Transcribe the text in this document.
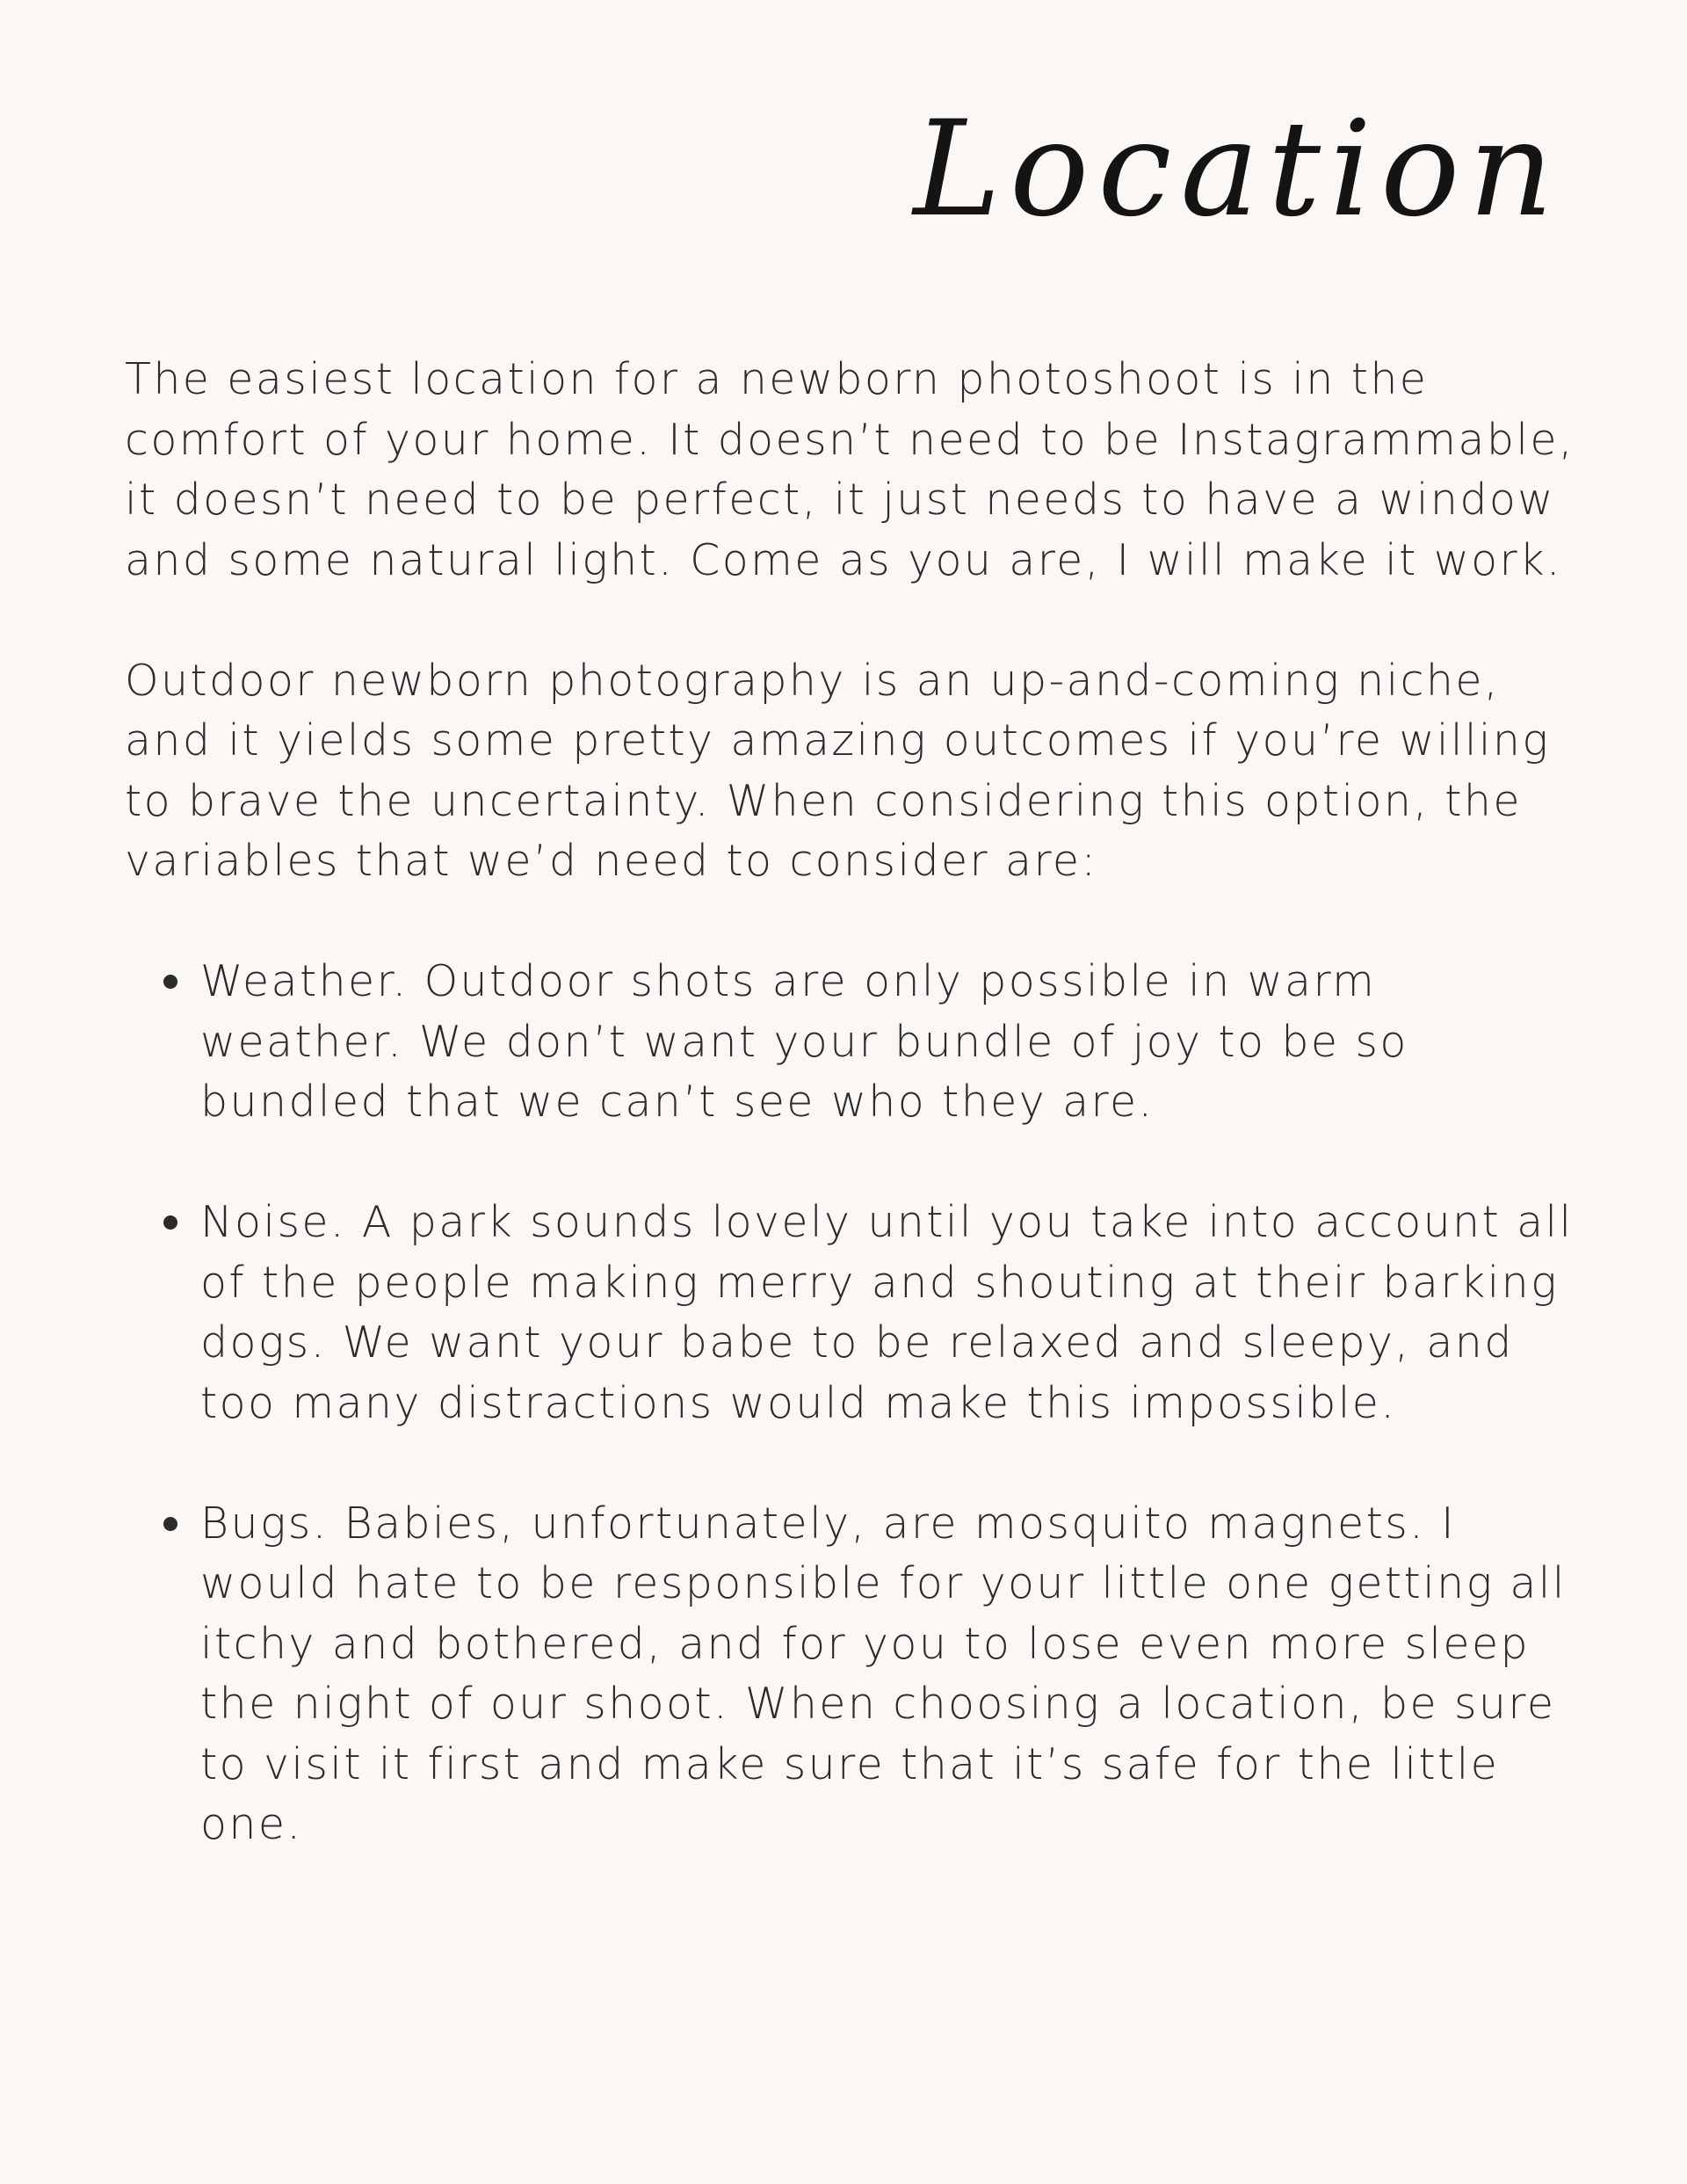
Location

The easiest location for a newborn photoshoot is in the comfort of your home. It doesn’t need to be Instagrammable, it doesn’t need to be perfect, it just needs to have a window and some natural light. Come as you are, I will make it work.

Outdoor newborn photography is an up-and-coming niche, and it yields some pretty amazing outcomes if you’re willing to brave the uncertainty. When considering this option, the variables that we’d need to consider are:

Weather. Outdoor shots are only possible in warm weather. We don’t want your bundle of joy to be so bundled that we can’t see who they are.
Noise. A park sounds lovely until you take into account all of the people making merry and shouting at their barking dogs. We want your babe to be relaxed and sleepy, and too many distractions would make this impossible.
Bugs. Babies, unfortunately, are mosquito magnets. I would hate to be responsible for your little one getting all itchy and bothered, and for you to lose even more sleep the night of our shoot. When choosing a location, be sure to visit it first and make sure that it’s safe for the little one.
